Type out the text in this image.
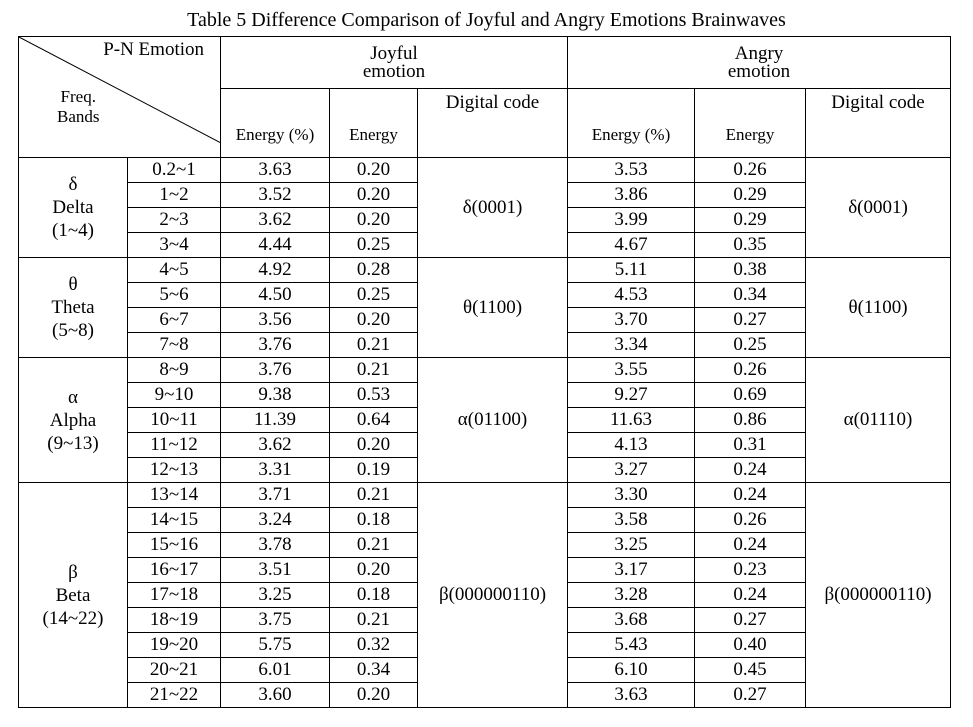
Table 5 Difference Comparison of Joyful and Angry Emotions Brainwaves
P-N Emotion
Freq.
Bands		Joyful
emotion			Angry
emotion		
		Energy (%)	Energy	Digital code	Energy (%)	Energy	Digital code

δ
Delta
(1~4)	0.2~1	3.63	0.20	δ(0001)	3.53	0.26	δ(0001)
	1~2	3.52	0.20		3.86	0.29	
	2~3	3.62	0.20		3.99	0.29	
	3~4	4.44	0.25		4.67	0.35	

θ
Theta
(5~8)	4~5	4.92	0.28	θ(1100)	5.11	0.38	θ(1100)
	5~6	4.50	0.25		4.53	0.34	
	6~7	3.56	0.20		3.70	0.27	
	7~8	3.76	0.21		3.34	0.25	

α
Alpha
(9~13)	8~9	3.76	0.21	α(01100)	3.55	0.26	α(01110)
	9~10	9.38	0.53		9.27	0.69	
	10~11	11.39	0.64		11.63	0.86	
	11~12	3.62	0.20		4.13	0.31	
	12~13	3.31	0.19		3.27	0.24	

β
Beta
(14~22)	13~14	3.71	0.21	β(000000110)	3.30	0.24	β(000000110)
	14~15	3.24	0.18		3.58	0.26	
	15~16	3.78	0.21		3.25	0.24	
	16~17	3.51	0.20		3.17	0.23	
	17~18	3.25	0.18		3.28	0.24	
	18~19	3.75	0.21		3.68	0.27	
	19~20	5.75	0.32		5.43	0.40	
	20~21	6.01	0.34		6.10	0.45	
	21~22	3.60	0.20		3.63	0.27	
